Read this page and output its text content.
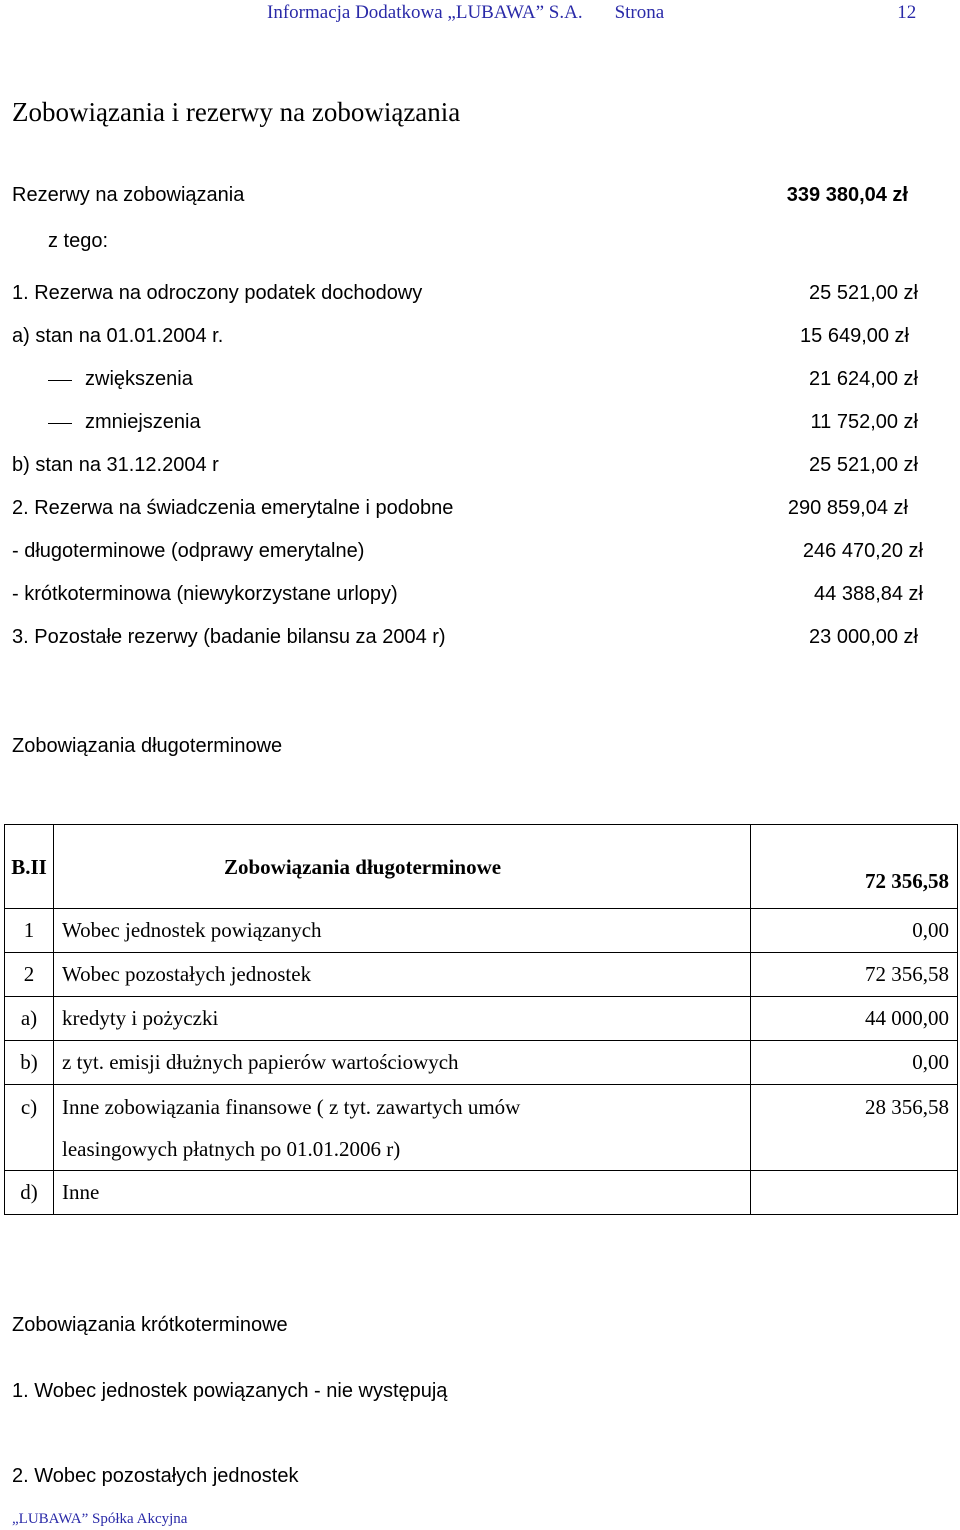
Informacja Dodatkowa „LUBAWA” S.A. Strona	12
Zobowiązania i rezerwy na zobowiązania
Rezerwy na zobowiązania	339 380,04 zł
z tego:
1. Rezerwa na odroczony podatek dochodowy	25 521,00 zł
a) stan na 01.01.2004 r.	15 649,00 zł
zwiększenia	21 624,00 zł
zmniejszenia	11 752,00 zł
b) stan na 31.12.2004 r	25 521,00 zł
2. Rezerwa na świadczenia emerytalne i podobne	290 859,04 zł
- długoterminowe (odprawy emerytalne)	246 470,20 zł
- krótkoterminowa (niewykorzystane urlopy)	44 388,84 zł
3. Pozostałe rezerwy (badanie bilansu za 2004 r)	23 000,00 zł
Zobowiązania długoterminowe
B.II	Zobowiązania długoterminowe	72 356,58
1	Wobec jednostek powiązanych	0,00
2	Wobec pozostałych jednostek	72 356,58
a)	kredyty i pożyczki	44 000,00
b)	z tyt. emisji dłużnych papierów wartościowych	0,00
c)	Inne zobowiązania finansowe ( z tyt. zawartych umów
leasingowych płatnych po 01.01.2006 r)	28 356,58
d)	Inne	
Zobowiązania krótkoterminowe
1. Wobec jednostek powiązanych - nie występują
2. Wobec pozostałych jednostek
„LUBAWA” Spółka Akcyjna
